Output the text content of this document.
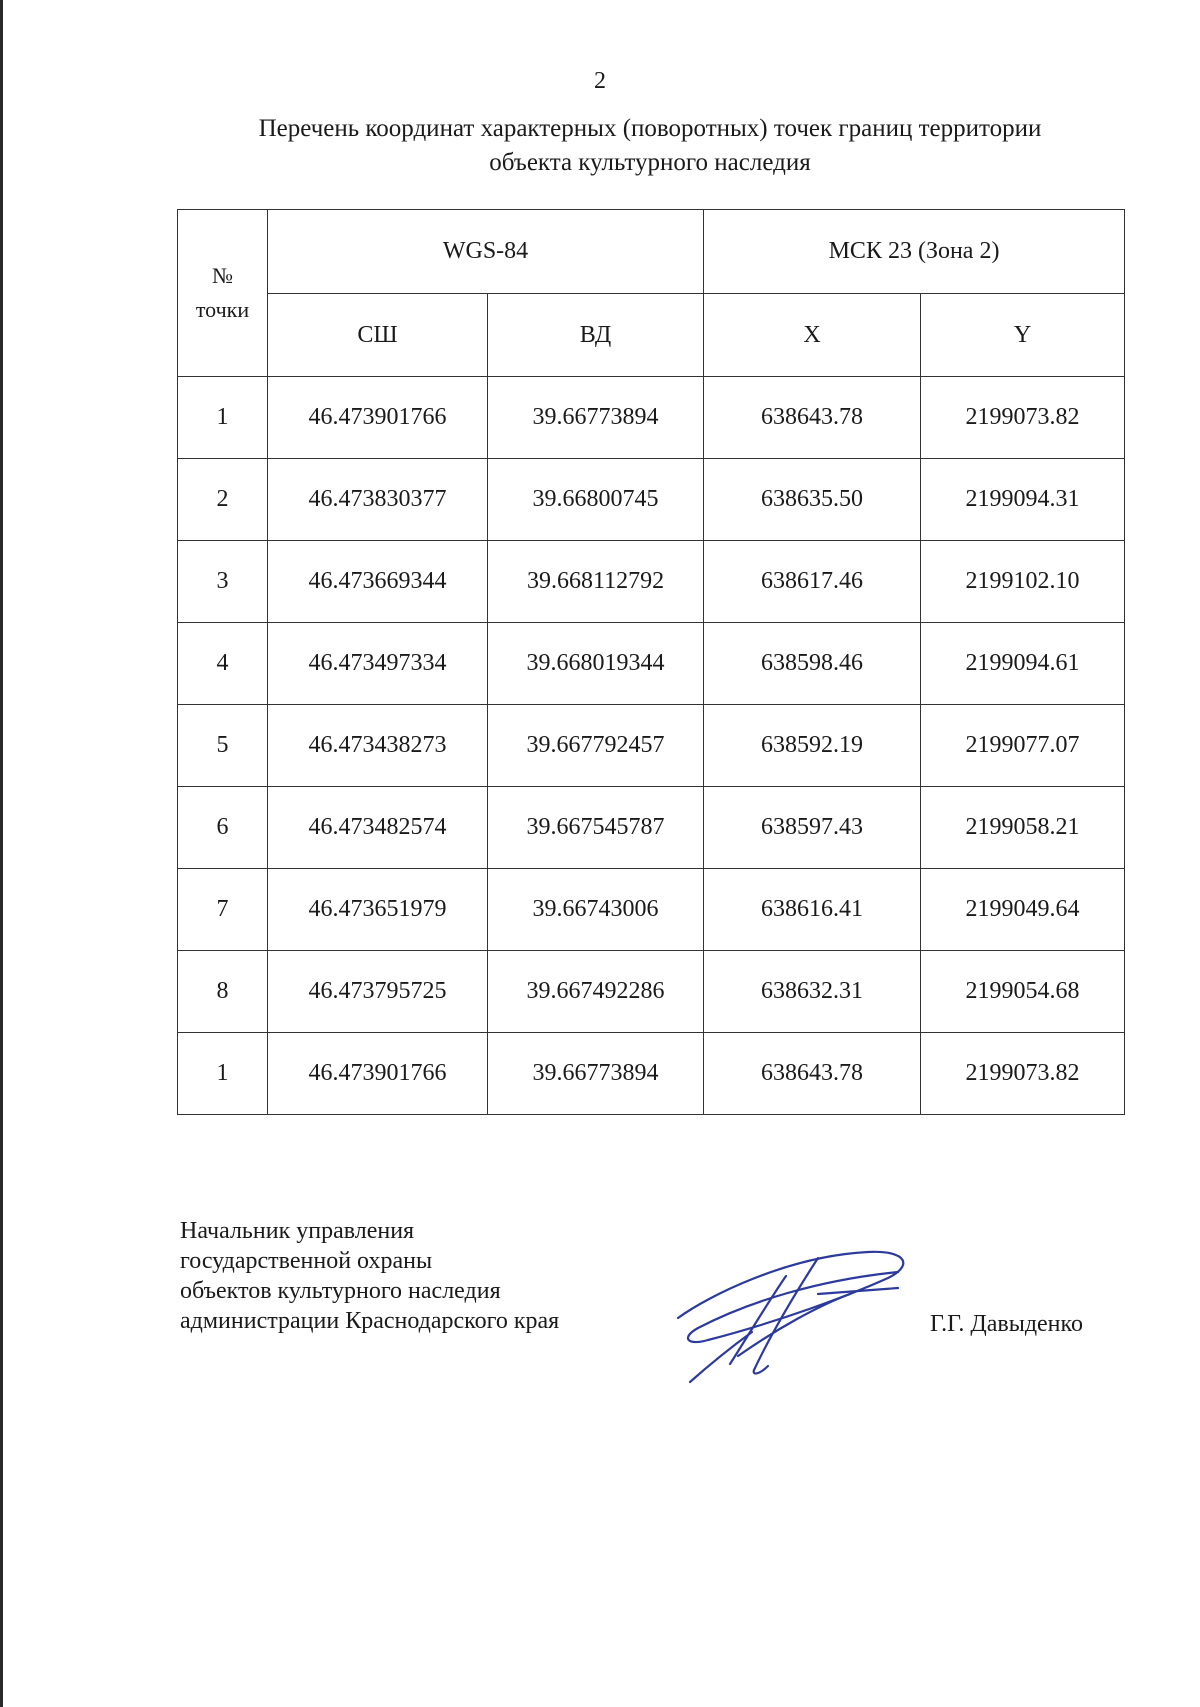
2
Перечень координат характерных (поворотных) точек границ территории
объекта культурного наследия
№
точки	WGS-84		МСК 23 (Зона 2)	
	СШ	ВД	X	Y
1	46.473901766	39.66773894	638643.78	2199073.82
2	46.473830377	39.66800745	638635.50	2199094.31
3	46.473669344	39.668112792	638617.46	2199102.10
4	46.473497334	39.668019344	638598.46	2199094.61
5	46.473438273	39.667792457	638592.19	2199077.07
6	46.473482574	39.667545787	638597.43	2199058.21
7	46.473651979	39.66743006	638616.41	2199049.64
8	46.473795725	39.667492286	638632.31	2199054.68
1	46.473901766	39.66773894	638643.78	2199073.82
Начальник управления
государственной охраны
объектов культурного наследия
администрации Краснодарского края	Г.Г. Давыденко
